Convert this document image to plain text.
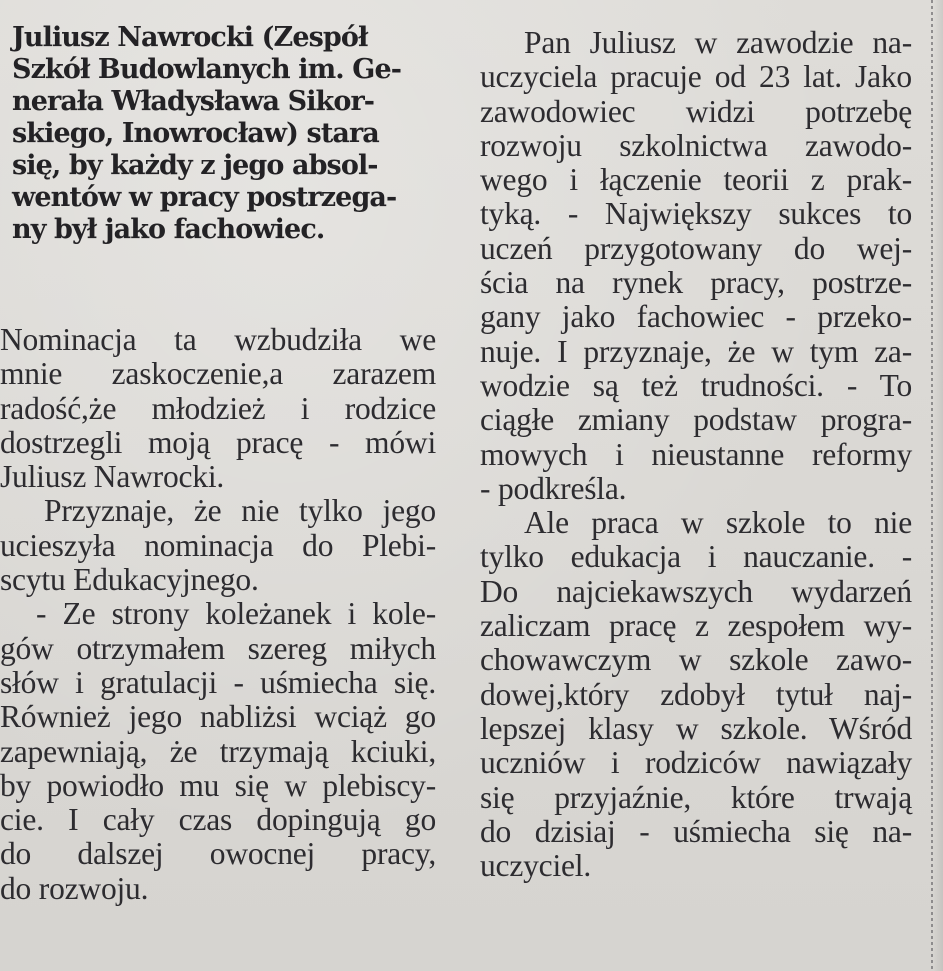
Juliusz Nawrocki (Zespół
Szkół Budowlanych im. Ge-
nerała Władysława Sikor-
skiego, Inowrocław) stara
się, by każdy z jego absol-
wentów w pracy postrzega-
ny był jako fachowiec.
Nominacja ta wzbudziła we
mnie zaskoczenie,a zarazem
radość,że młodzież i rodzice
dostrzegli moją pracę - mówi
Juliusz Nawrocki.
Przyznaje, że nie tylko jego
ucieszyła nominacja do Plebi-
scytu Edukacyjnego.
- Ze strony koleżanek i kole-
gów otrzymałem szereg miłych
słów i gratulacji - uśmiecha się.
Również jego nabliżsi wciąż go
zapewniają, że trzymają kciuki,
by powiodło mu się w plebiscy-
cie. I cały czas dopingują go
do dalszej owocnej pracy,
do rozwoju.
Pan Juliusz w zawodzie na-
uczyciela pracuje od 23 lat. Jako
zawodowiec widzi potrzebę
rozwoju szkolnictwa zawodo-
wego i łączenie teorii z prak-
tyką. - Największy sukces to
uczeń przygotowany do wej-
ścia na rynek pracy, postrze-
gany jako fachowiec - przeko-
nuje. I przyznaje, że w tym za-
wodzie są też trudności. - To
ciągłe zmiany podstaw progra-
mowych i nieustanne reformy
- podkreśla.
Ale praca w szkole to nie
tylko edukacja i nauczanie. -
Do najciekawszych wydarzeń
zaliczam pracę z zespołem wy-
chowawczym w szkole zawo-
dowej,który zdobył tytuł naj-
lepszej klasy w szkole. Wśród
uczniów i rodziców nawiązały
się przyjaźnie, które trwają
do dzisiaj - uśmiecha się na-
uczyciel.
